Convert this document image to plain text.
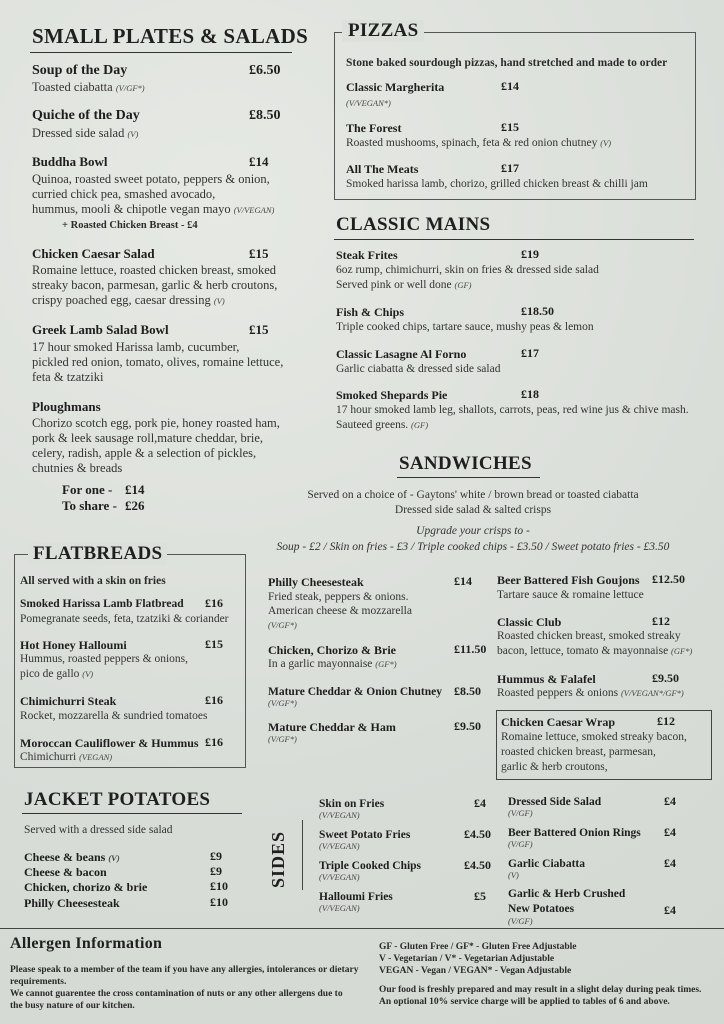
SMALL PLATES & SALADS
Soup of the Day	£6.50
Toasted ciabatta (V/GF*)
Quiche of the Day	£8.50
Dressed side salad (V)
Buddha Bowl	£14
Quinoa, roasted sweet potato, peppers & onion,
curried chick pea, smashed avocado,
hummus, mooli & chipotle vegan mayo (V/VEGAN)
+ Roasted Chicken Breast - £4
Chicken Caesar Salad	£15
Romaine lettuce, roasted chicken breast, smoked
streaky bacon, parmesan, garlic & herb croutons,
crispy poached egg, caesar dressing (V)
Greek Lamb Salad Bowl	£15
17 hour smoked Harissa lamb, cucumber,
pickled red onion, tomato, olives, romaine lettuce,
feta & tzatziki
Ploughmans
Chorizo scotch egg, pork pie, honey roasted ham,
pork & leek sausage roll,mature cheddar, brie,
celery, radish, apple & a selection of pickles,
chutnies & breads
For one - £14
To share - £26
PIZZAS
Stone baked sourdough pizzas, hand stretched and made to order
Classic Margherita	£14
(V/VEGAN*)
The Forest	£15
Roasted mushooms, spinach, feta & red onion chutney (V)
All The Meats	£17
Smoked harissa lamb, chorizo, grilled chicken breast & chilli jam
CLASSIC MAINS
Steak Frites	£19
6oz rump, chimichurri, skin on fries & dressed side salad
Served pink or well done (GF)
Fish & Chips	£18.50
Triple cooked chips, tartare sauce, mushy peas & lemon
Classic Lasagne Al Forno	£17
Garlic ciabatta & dressed side salad
Smoked Shepards Pie	£18
17 hour smoked lamb leg, shallots, carrots, peas, red wine jus & chive mash.
Sauteed greens. (GF)
SANDWICHES
Served on a choice of - Gaytons' white / brown bread or toasted ciabatta
Dressed side salad & salted crisps
Upgrade your crisps to -
Soup - £2 / Skin on fries - £3 / Triple cooked chips - £3.50 / Sweet potato fries - £3.50
Philly Cheesesteak	£14
Fried steak, peppers & onions.
American cheese & mozzarella
(V/GF*)
Chicken, Chorizo & Brie	£11.50
In a garlic mayonnaise (GF*)
Mature Cheddar & Onion Chutney £8.50
(V/GF*)
Mature Cheddar & Ham	£9.50
(V/GF*)
Beer Battered Fish Goujons £12.50
Tartare sauce & romaine lettuce
Classic Club	£12
Roasted chicken breast, smoked streaky
bacon, lettuce, tomato & mayonnaise (GF*)
Hummus & Falafel	£9.50
Roasted peppers & onions (V/VEGAN*/GF*)
Chicken Caesar Wrap	£12
Romaine lettuce, smoked streaky bacon,
roasted chicken breast, parmesan,
garlic & herb croutons,
FLATBREADS
All served with a skin on fries
Smoked Harissa Lamb Flatbread £16
Pomegranate seeds, feta, tzatziki & coriander
Hot Honey Halloumi	£15
Hummus, roasted peppers & onions,
pico de gallo (V)
Chimichurri Steak	£16
Rocket, mozzarella & sundried tomatoes
Moroccan Cauliflower & Hummus £16
Chimichurri (VEGAN)
JACKET POTATOES
Served with a dressed side salad
Cheese & beans (V)	£9
Cheese & bacon	£9
Chicken, chorizo & brie	£10
Philly Cheesesteak	£10
SIDES
Skin on Fries	£4
(V/VEGAN)
Sweet Potato Fries	£4.50
(V/VEGAN)
Triple Cooked Chips	£4.50
(V/VEGAN)
Halloumi Fries	£5
(V/VEGAN)
Dressed Side Salad	£4
(V/GF)
Beer Battered Onion Rings £4
(V/GF)
Garlic Ciabatta	£4
(V)
Garlic & Herb Crushed
New Potatoes	£4
(V/GF)
Allergen Information
Please speak to a member of the team if you have any allergies, intolerances or dietary
requirements.
We cannot guarentee the cross contamination of nuts or any other allergens due to
the busy nature of our kitchen.
GF - Gluten Free / GF* - Gluten Free Adjustable
V - Vegetarian / V* - Vegetarian Adjustable
VEGAN - Vegan / VEGAN* - Vegan Adjustable
Our food is freshly prepared and may result in a slight delay during peak times.
An optional 10% service charge will be applied to tables of 6 and above.
